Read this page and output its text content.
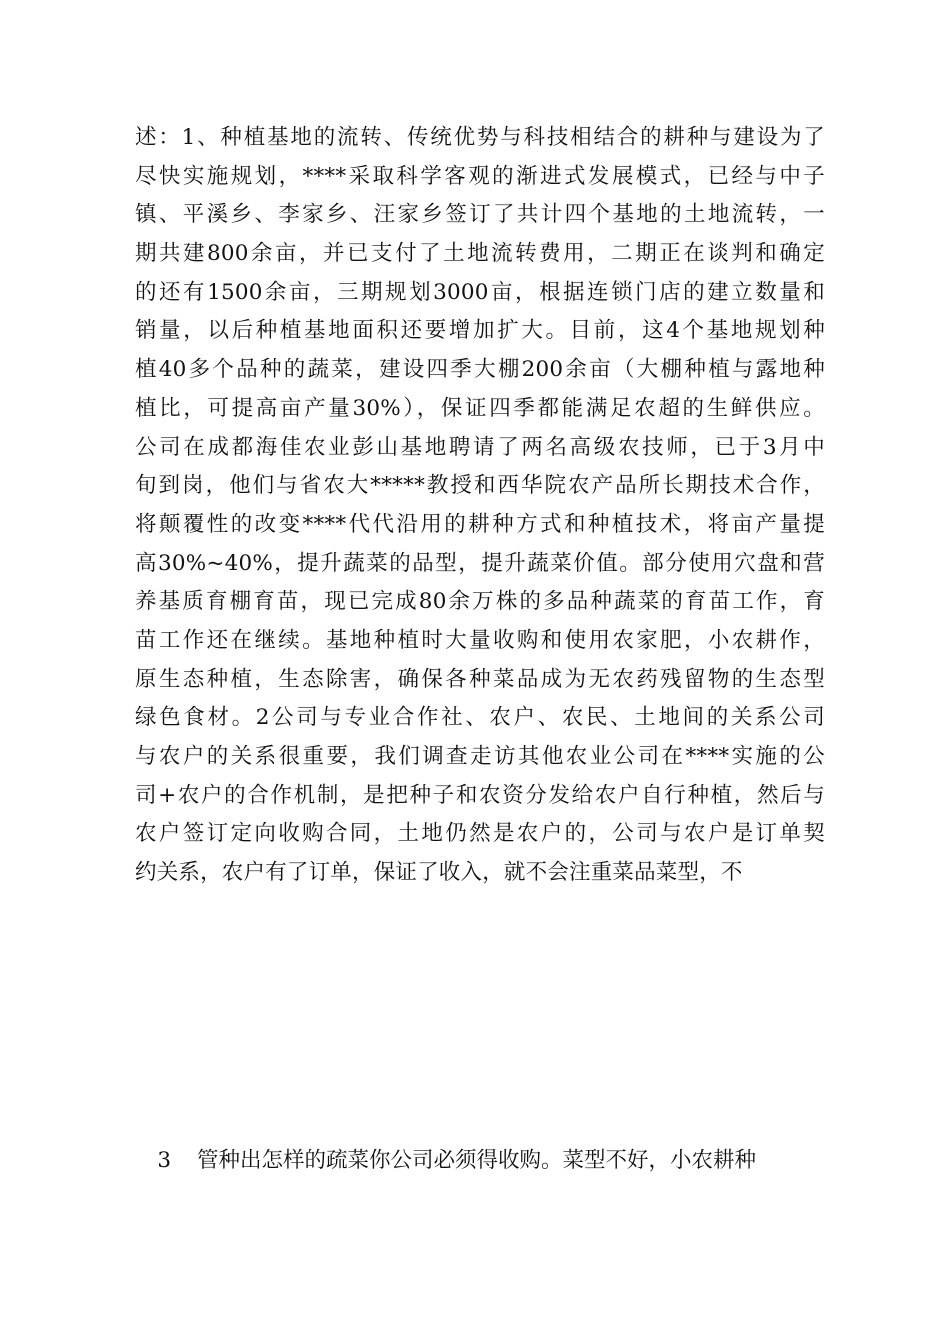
述：1、种植基地的流转、传统优势与科技相结合的耕种与建设为了
尽快实施规划，****采取科学客观的渐进式发展模式，已经与中子
镇、平溪乡、李家乡、汪家乡签订了共计四个基地的土地流转，一
期共建800余亩，并已支付了土地流转费用，二期正在谈判和确定
的还有1500余亩，三期规划3000亩，根据连锁门店的建立数量和
销量，以后种植基地面积还要增加扩大。目前，这4个基地规划种
植40多个品种的蔬菜，建设四季大棚200余亩（大棚种植与露地种
植比，可提高亩产量30%），保证四季都能满足农超的生鲜供应。
公司在成都海佳农业彭山基地聘请了两名高级农技师，已于3月中
旬到岗，他们与省农大*****教授和西华院农产品所长期技术合作，
将颠覆性的改变****代代沿用的耕种方式和种植技术，将亩产量提
高30%~40%，提升蔬菜的品型，提升蔬菜价值。部分使用穴盘和营
养基质育棚育苗，现已完成80余万株的多品种蔬菜的育苗工作，育
苗工作还在继续。基地种植时大量收购和使用农家肥，小农耕作，
原生态种植，生态除害，确保各种菜品成为无农药残留物的生态型
绿色食材。2公司与专业合作社、农户、农民、土地间的关系公司
与农户的关系很重要，我们调查走访其他农业公司在****实施的公
司+农户的合作机制，是把种子和农资分发给农户自行种植，然后与
农户签订定向收购合同，土地仍然是农户的，公司与农户是订单契
约关系，农户有了订单，保证了收入，就不会注重菜品菜型，不
3 管种出怎样的疏菜你公司必须得收购。菜型不好，小农耕种
